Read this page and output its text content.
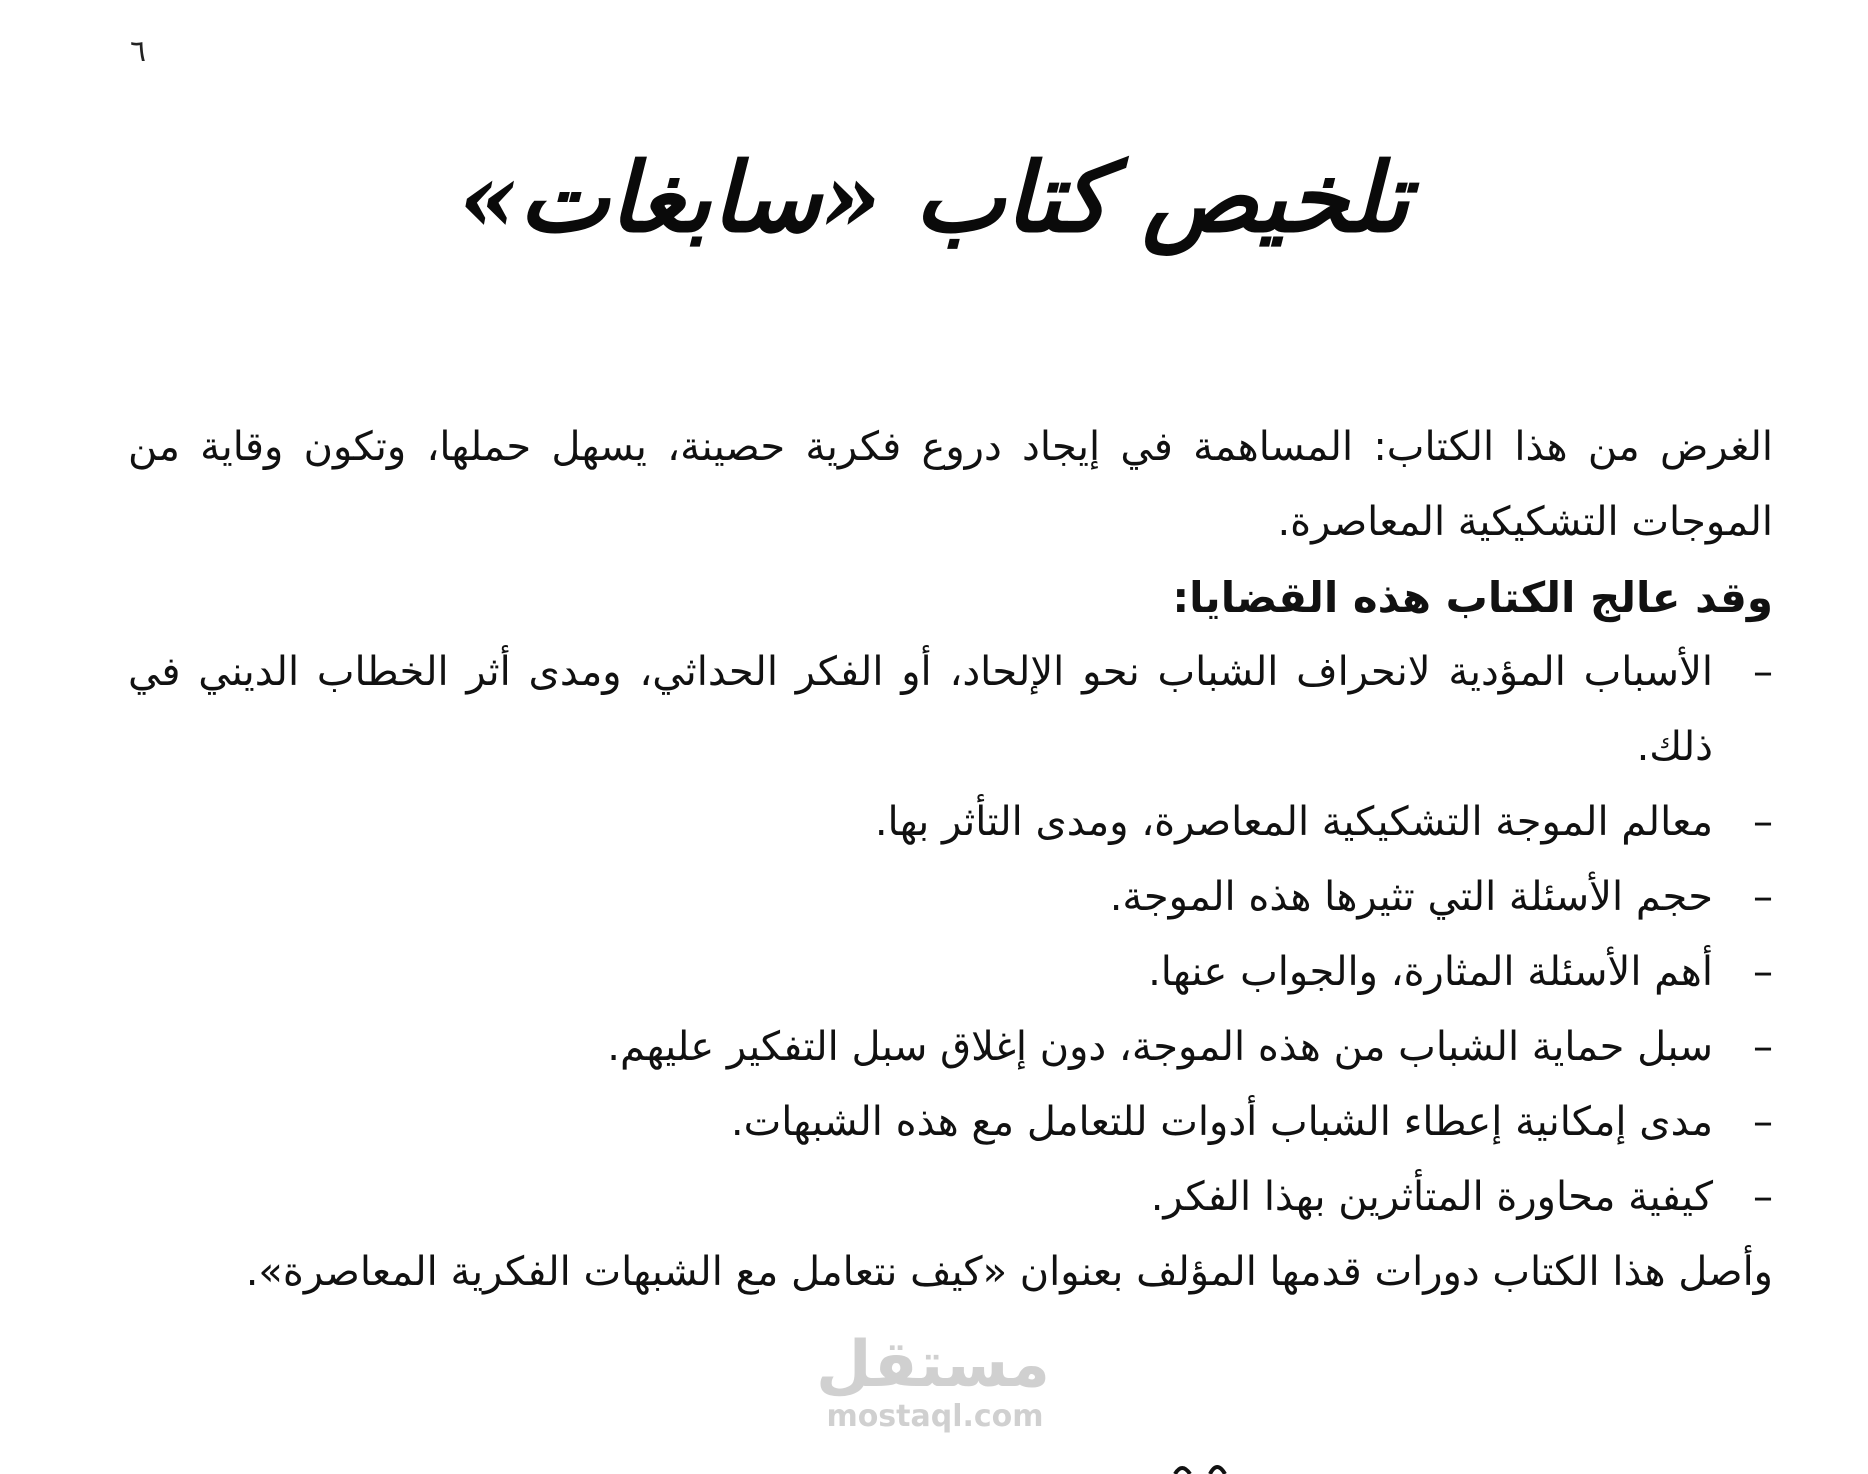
٦
تلخيص كتاب «سابغات»

الغرض من هذا الكتاب: المساهمة في إيجاد دروع فكرية حصينة، يسهل حملها، وتكون وقاية من الموجات التشكيكية المعاصرة.

وقد عالج الكتاب هذه القضايا:

–
الأسباب المؤدية لانحراف الشباب نحو الإلحاد، أو الفكر الحداثي، ومدى أثر الخطاب الديني في ذلك.
–
معالم الموجة التشكيكية المعاصرة، ومدى التأثر بها.
–
حجم الأسئلة التي تثيرها هذه الموجة.
–
أهم الأسئلة المثارة، والجواب عنها.
–
سبل حماية الشباب من هذه الموجة، دون إغلاق سبل التفكير عليهم.
–
مدى إمكانية إعطاء الشباب أدوات للتعامل مع هذه الشبهات.
–
كيفية محاورة المتأثرين بهذا الفكر.

وأصل هذا الكتاب دورات قدمها المؤلف بعنوان «كيف نتعامل مع الشبهات الفكرية المعاصرة».

مستقل
mostaql.com
